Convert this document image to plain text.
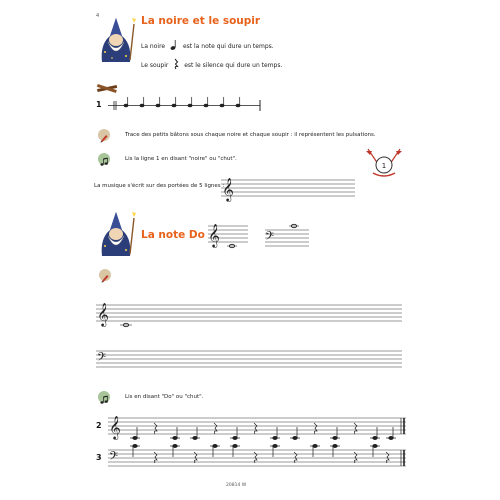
4	La noire et le soupir
La noire	est la note qui dure un temps.
Le soupir	est le silence qui dure un temps.
1
Trace des petits bâtons sous chaque noire et chaque soupir : il représentent les pulsations.
Lis la ligne 1 en disant "noire" ou "chut".
1
La musique s'écrit sur des portées de 5 lignes :
𝄞
La note Do 𝄞	𝄢
𝄞
𝄢
Lis en disant "Do" ou "chut".
2 𝄞
3 𝄢
20814 W
